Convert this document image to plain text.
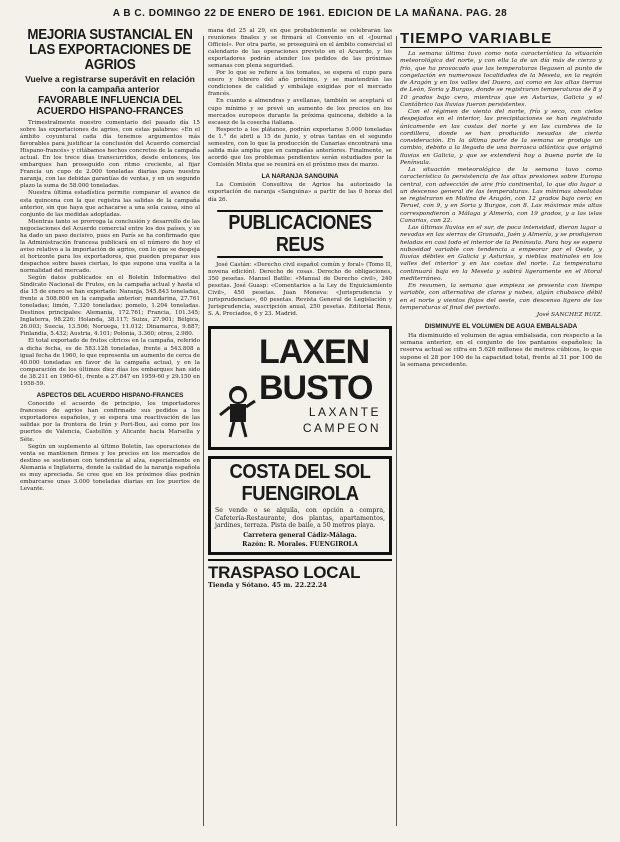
A B C. DOMINGO 22 DE ENERO DE 1961. EDICION DE LA MAÑANA. PAG. 28
MEJORIA SUSTANCIAL EN LAS EXPORTACIONES DE AGRIOS
Vuelve a registrarse superávit en relación con la campaña anterior
FAVORABLE INFLUENCIA DEL ACUERDO HISPANO-FRANCES

Trimestralmente nuestro comentario del pasado día 15 sobre las exportaciones de agrios, con estas palabras: «En el ámbito coyuntural cada día tenemos argumentos más favorables para justificar la conclusión del Acuerdo comercial Hispano-francés» y citábamos hechos concretos de la campaña actual. En los trece días transcurridos, desde entonces, los embarques han proseguido con ritmo creciente, al fijar Francia un cupo de 2.000 toneladas diarias para nuestra naranja, con las debidas garantías de ventas, y en un segundo plazo la suma de 58.000 toneladas.

Nuestra última estadística permite comparar el avance de esta quincena con la que registra las salidas de la campaña anterior, sin que haya que achacarse a una sola causa, sino al conjunto de las medidas adoptadas.

Mientras tanto se prorroga la conclusión y desarrollo de las negociaciones del Acuerdo comercial entre los dos países, y se ha dado un paso decisivo, pues en París se ha confirmado que la Administración francesa publicará en el número de hoy el aviso relativo a la importación de agrios, con lo que se despeja el horizonte para los exportadores, que pueden preparar sus despachos sobre bases ciertas, lo que supone una vuelta a la normalidad del mercado.

Según datos publicados en el Boletín Informativo del Sindicato Nacional de Frutos, en la campaña actual y hasta el día 15 de enero se han exportado: Naranja, 545.843 toneladas, frente a 508.600 en la campaña anterior; mandarina, 27.761 toneladas; limón, 7.320 toneladas; pomelo, 1.204 toneladas. Destinos principales: Alemania, 172.761; Francia, 101.345; Inglaterra, 98.226; Holanda, 38.117; Suiza, 27.901; Bélgica, 26.003; Suecia, 13.506; Noruega, 11.012; Dinamarca, 9.887; Finlandia, 5.432; Austria, 4.101; Polonia, 3.360; otros, 2.980.

El total exportado de frutos cítricos en la campaña, referido a dicha fecha, es de 583.128 toneladas, frente a 543.808 a igual fecha de 1960, lo que representa un aumento de cerca de 40.000 toneladas en favor de la campaña actual, y en la comparación de los últimos diez días los embarques han sido de 38.211 en 1960-61, frente a 27.847 en 1959-60 y 29.150 en 1958-59.

ASPECTOS DEL ACUERDO HISPANO-FRANCES

Conocido el acuerdo de principio, los importadores franceses de agrios han confirmado sus pedidos a los exportadores españoles, y se espera una reactivación de las salidas por la frontera de Irún y Port-Bou, así como por los puertos de Valencia, Castellón y Alicante hacia Marsella y Sète.

Según un suplemento al último Boletín, las operaciones de venta se mantienen firmes y los precios en los mercados de destino se sostienen con tendencia al alza, especialmente en Alemania e Inglaterra, donde la calidad de la naranja española es muy apreciada. Se cree que en los próximos días podrán embarcarse unas 3.000 toneladas diarias en los puertos de Levante.

mana del 25 al 29, en que probablemente se celebrarán las reuniones finales y se firmará el Convenio en el «Journal Officiel». Por otra parte, se proseguirá en el ámbito comercial el calendario de las operaciones previsto en el Acuerdo, y los exportadores podrán atender los pedidos de las próximas semanas con plena seguridad.

Por lo que se refiere a los tomates, se espera el cupo para enero y febrero del año próximo, y se mantendrán las condiciones de calidad y embalaje exigidas por el mercado francés.

En cuanto a almendras y avellanas, también se aceptará el cupo mínimo y se prevé un aumento de los precios en los mercados europeos durante la próxima quincena, debido a la escasez de la cosecha italiana.

Respecto a los plátanos, podrán exportarse 5.000 toneladas de 1.° de abril a 15 de junio, y otras tantas en el segundo semestre, con lo que la producción de Canarias encontrará una salida más amplia que en campañas anteriores. Finalmente, se acordó que los problemas pendientes serán estudiados por la Comisión Mixta que se reunirá en el próximo mes de marzo.

LA NARANJA SANGUINA

La Comisión Consultiva de Agrios ha autorizado la exportación de naranja «Sanguina» a partir de las 0 horas del día 26.

PUBLICACIONES REUS

José Castán: «Derecho civil español común y foral» (Tomo II, novena edición). Derecho de cosas. Derecho de obligaciones, 350 pesetas. Manuel Batlle: «Manual de Derecho civil», 240 pesetas. José Guasp: «Comentarios a la Ley de Enjuiciamiento Civil», 450 pesetas. Juan Moneva: «Jurisprudencia y jurisprudencias», 60 pesetas. Revista General de Legislación y Jurisprudencia, suscripción anual, 250 pesetas. Editorial Reus, S. A. Preciados, 6 y 23. Madrid.

LAXEN
BUSTO
LAXANTE
CAMPEON
COSTA DEL SOL
FUENGIROLA

Se vende o se alquila, con opción a compra, Cafetería-Restaurante, dos plantas, apartamentos, jardines, terraza. Pista de baile, a 50 metros playa.

Carretera general Cádiz-Málaga.

Razón: R. Morales. FUENGIROLA

TRASPASO LOCAL
Tienda y Sótano. 45 m. 22.22.24
TIEMPO VARIABLE

La semana última tuvo como nota característica la situación meteorológica del norte, y con ella la de un día más de cierzo y frío, que ha provocado que las temperaturas llegasen al punto de congelación en numerosas localidades de la Meseta, en la región de Aragón y en los valles del Duero, así como en las altas tierras de León, Soria y Burgos, donde se registraron temperaturas de 8 y 10 grados bajo cero, mientras que en Asturias, Galicia y el Cantábrico las lluvias fueron persistentes.

Con el régimen de viento del norte, frío y seco, con cielos despejados en el interior, las precipitaciones se han registrado únicamente en las costas del norte y en las cumbres de la cordillera, donde se han producido nevadas de cierta consideración. En la última parte de la semana se produjo un cambio, debido a la llegada de una borrasca atlántica que originó lluvias en Galicia, y que se extenderá hoy a buena parte de la Península.

La situación meteorológica de la semana tuvo como característica la persistencia de las altas presiones sobre Europa central, con advección de aire frío continental, lo que dio lugar a un descenso general de las temperaturas. Las mínimas absolutas se registraron en Molina de Aragón, con 12 grados bajo cero; en Teruel, con 9, y en Soria y Burgos, con 8. Las máximas más altas correspondieron a Málaga y Almería, con 19 grados, y a las islas Canarias, con 22.

Las últimas lluvias en el sur, de poca intensidad, dieron lugar a nevadas en las sierras de Granada, Jaén y Almería, y se produjeron heladas en casi todo el interior de la Península. Para hoy se espera nubosidad variable con tendencia a empeorar por el Oeste, y lluvias débiles en Galicia y Asturias, y nieblas matinales en los valles del interior y en las costas del norte. La temperatura continuará baja en la Meseta y subirá ligeramente en el litoral mediterráneo.

En resumen, la semana que empieza se presenta con tiempo variable, con alternativa de claros y nubes, algún chubasco débil en el norte y vientos flojos del oeste, con descenso ligero de las temperaturas al final del periodo.

José SANCHEZ RUIZ.

DISMINUYE EL VOLUMEN DE AGUA EMBALSADA

Ha disminuido el volumen de agua embalsada, con respecto a la semana anterior, en el conjunto de los pantanos españoles; la reserva actual se cifra en 5.626 millones de metros cúbicos, lo que supone el 28 por 100 de la capacidad total, frente al 31 por 100 de la semana precedente.
